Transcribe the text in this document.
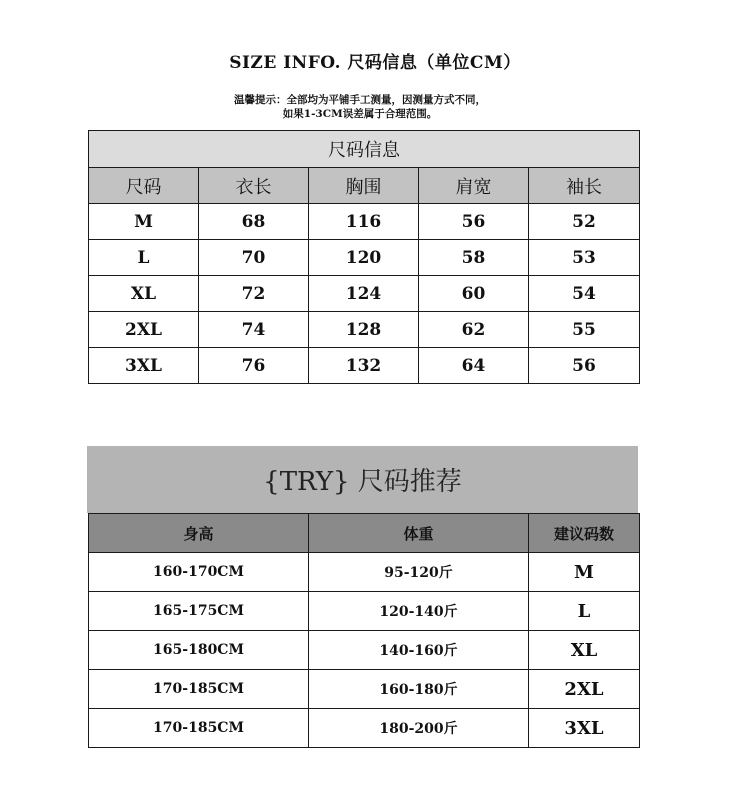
SIZE INFO. 尺码信息（单位CM）
温馨提示：全部均为平铺手工测量，因测量方式不同，
如果1-3CM误差属于合理范围。
尺码信息				
尺码	衣长	胸围	肩宽	袖长
M	68	116	56	52
L	70	120	58	53
XL	72	124	60	54
2XL	74	128	62	55
3XL	76	132	64	56
{TRY} 尺码推荐
身高	体重	建议码数
160-170CM	95-120斤	M
165-175CM	120-140斤	L
165-180CM	140-160斤	XL
170-185CM	160-180斤	2XL
170-185CM	180-200斤	3XL
